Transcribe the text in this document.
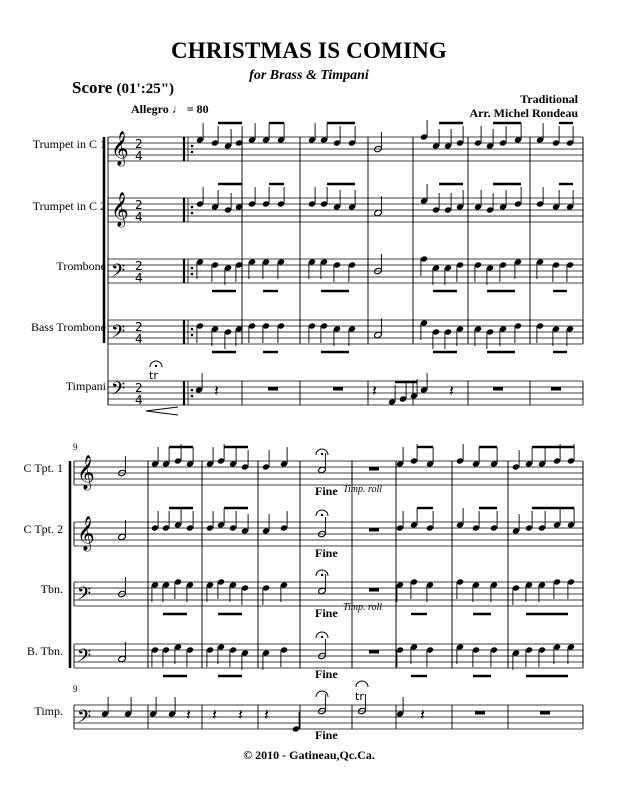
CHRISTMAS IS COMING
for Brass & Timpani
Score (01':25")
Traditional
Arr. Michel Rondeau
Allegro ♩ = 80
Trumpet in C 1
Trumpet in C 2
Trombone
Bass Trombone
Timpani
C Tpt. 1
C Tpt. 2
Tbn.
B. Tbn.
Timp.
9
9
Fine
Fine
Fine
Fine
Fine
Timp. roll
Timp. roll
© 2010 - Gatineau,Qc.Ca.
𝄞 2
4
𝄞 2
4
𝄢 2
4
𝄢 2
4
𝄢 2
4	𝄽	𝄽	𝄽
tr
𝄞
𝄞
𝄢
𝄢
𝄢	𝄽 𝄽 𝄽 𝄽
tr
𝄽
